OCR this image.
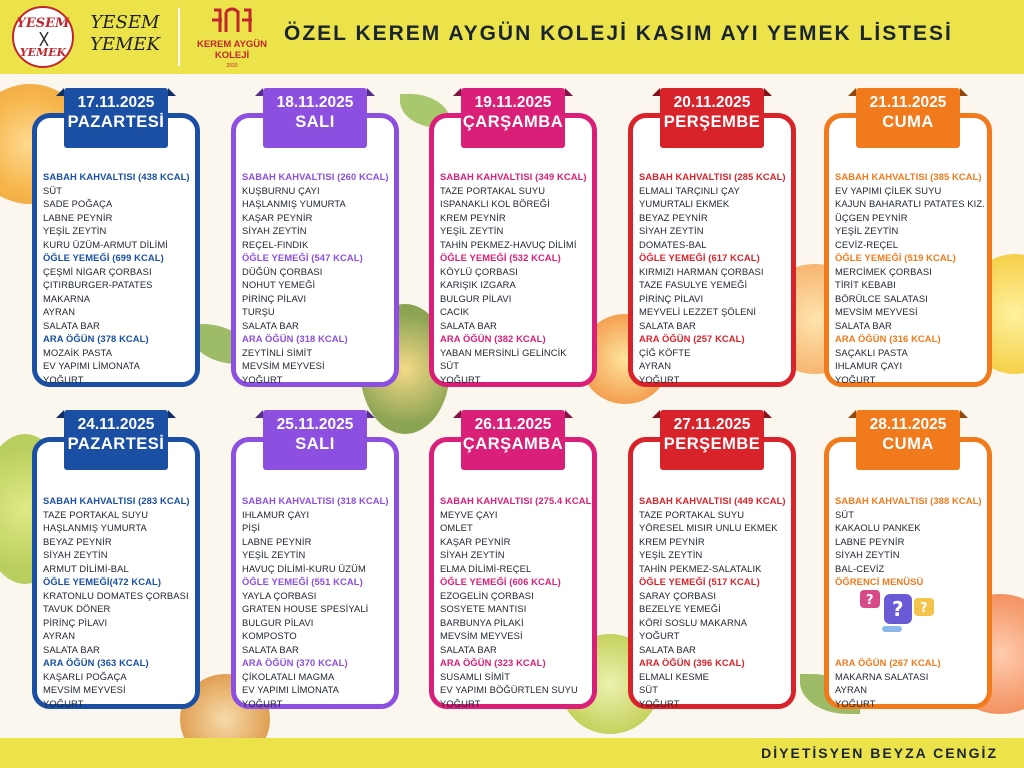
YESEM
YEMEK
YESEM
YEMEK	KEREM AYGÜN
KOLEJİ
2020
ÖZEL KEREM AYGÜN KOLEJİ KASIM AYI YEMEK LİSTESİ
SABAH KAHVALTISI (438 KCAL)
SÜT
SADE POĞAÇA
LABNE PEYNİR
YEŞİL ZEYTİN
KURU ÜZÜM-ARMUT DİLİMİ
ÖĞLE YEMEĞİ (699 KCAL)
ÇEŞMİ NİGAR ÇORBASI
ÇITIRBURGER-PATATES
MAKARNA
AYRAN
SALATA BAR
ARA ÖĞÜN (378 KCAL)
MOZAİK PASTA
EV YAPIMI LİMONATA
YOĞURT
17.11.2025
PAZARTESİ
SABAH KAHVALTISI (260 KCAL)
KUŞBURNU ÇAYI
HAŞLANMIŞ YUMURTA
KAŞAR PEYNİR
SİYAH ZEYTİN
REÇEL-FINDIK
ÖĞLE YEMEĞİ (547 KCAL)
DÜĞÜN ÇORBASI
NOHUT YEMEĞİ
PİRİNÇ PİLAVI
TURŞU
SALATA BAR
ARA ÖĞÜN (318 KCAL)
ZEYTİNLİ SİMİT
MEVSİM MEYVESİ
YOĞURT
18.11.2025
SALI
SABAH KAHVALTISI (349 KCAL)
TAZE PORTAKAL SUYU
ISPANAKLI KOL BÖREĞİ
KREM PEYNİR
YEŞİL ZEYTİN
TAHİN PEKMEZ-HAVUÇ DİLİMİ
ÖĞLE YEMEĞİ (532 KCAL)
KÖYLÜ ÇORBASI
KARIŞIK IZGARA
BULGUR PİLAVI
CACIK
SALATA BAR
ARA ÖĞÜN (382 KCAL)
YABAN MERSİNLİ GELİNCİK
SÜT
YOĞURT
19.11.2025
ÇARŞAMBA
SABAH KAHVALTISI (285 KCAL)
ELMALI TARÇINLI ÇAY
YUMURTALI EKMEK
BEYAZ PEYNİR
SİYAH ZEYTİN
DOMATES-BAL
ÖĞLE YEMEĞİ (617 KCAL)
KIRMIZI HARMAN ÇORBASI
TAZE FASULYE YEMEĞİ
PİRİNÇ PİLAVI
MEYVELİ LEZZET ŞÖLENİ
SALATA BAR
ARA ÖĞÜN (257 KCAL)
ÇİĞ KÖFTE
AYRAN
YOĞURT
20.11.2025
PERŞEMBE
SABAH KAHVALTISI (385 KCAL)
EV YAPIMI ÇİLEK SUYU
KAJUN BAHARATLI PATATES KIZ.
ÜÇGEN PEYNİR
YEŞİL ZEYTİN
CEVİZ-REÇEL
ÖĞLE YEMEĞİ (519 KCAL)
MERCİMEK ÇORBASI
TİRİT KEBABI
BÖRÜLCE SALATASI
MEVSİM MEYVESİ
SALATA BAR
ARA ÖĞÜN (316 KCAL)
SAÇAKLI PASTA
IHLAMUR ÇAYI
YOĞURT
21.11.2025
CUMA
SABAH KAHVALTISI (283 KCAL)
TAZE PORTAKAL SUYU
HAŞLANMIŞ YUMURTA
BEYAZ PEYNİR
SİYAH ZEYTİN
ARMUT DİLİMİ-BAL
ÖĞLE YEMEĞİ(472 KCAL)
KRATONLU DOMATES ÇORBASI
TAVUK DÖNER
PİRİNÇ PİLAVI
AYRAN
SALATA BAR
ARA ÖĞÜN (363 KCAL)
KAŞARLI POĞAÇA
MEVSİM MEYVESİ
YOĞURT
24.11.2025
PAZARTESİ
SABAH KAHVALTISI (318 KCAL)
IHLAMUR ÇAYI
PİŞİ
LABNE PEYNİR
YEŞİL ZEYTİN
HAVUÇ DİLİMİ-KURU ÜZÜM
ÖĞLE YEMEĞİ (551 KCAL)
YAYLA ÇORBASI
GRATEN HOUSE SPESİYALİ
BULGUR PİLAVI
KOMPOSTO
SALATA BAR
ARA ÖĞÜN (370 KCAL)
ÇİKOLATALI MAGMA
EV YAPIMI LİMONATA
YOĞURT
25.11.2025
SALI
SABAH KAHVALTISI (275.4 KCAL)
MEYVE ÇAYI
OMLET
KAŞAR PEYNİR
SİYAH ZEYTİN
ELMA DİLİMİ-REÇEL
ÖĞLE YEMEĞİ (606 KCAL)
EZOGELİN ÇORBASI
SOSYETE MANTISI
BARBUNYA PİLAKİ
MEVSİM MEYVESİ
SALATA BAR
ARA ÖĞÜN (323 KCAL)
SUSAMLI SİMİT
EV YAPIMI BÖĞÜRTLEN SUYU
YOĞURT
26.11.2025
ÇARŞAMBA
SABAH KAHVALTISI (449 KCAL)
TAZE PORTAKAL SUYU
YÖRESEL MISIR UNLU EKMEK
KREM PEYNİR
YEŞİL ZEYTİN
TAHİN PEKMEZ-SALATALIK
ÖĞLE YEMEĞİ (517 KCAL)
SARAY ÇORBASI
BEZELYE YEMEĞİ
KÖRİ SOSLU MAKARNA
YOĞURT
SALATA BAR
ARA ÖĞÜN (396 KCAL)
ELMALI KESME
SÜT
YOĞURT
27.11.2025
PERŞEMBE
SABAH KAHVALTISI (388 KCAL)
SÜT
KAKAOLU PANKEK
LABNE PEYNİR
SİYAH ZEYTİN
BAL-CEVİZ
ÖĞRENCİ MENÜSÜ

ARA ÖĞÜN (267 KCAL)
MAKARNA SALATASI
AYRAN
YOĞURT
28.11.2025
CUMA
? ? ?
DİYETİSYEN BEYZA CENGİZ
